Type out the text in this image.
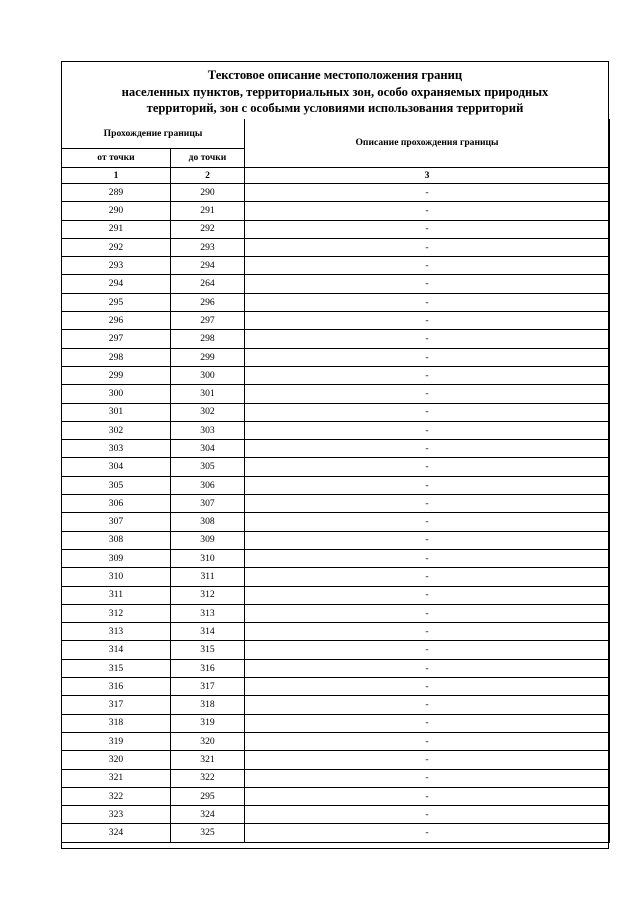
Текстовое описание местоположения границ
населенных пунктов, территориальных зон, особо охраняемых природных
территорий, зон с особыми условиями использования территорий
Прохождение границы		Описание прохождения границы
от точки	до точки	
1	2	3
289	290	-
290	291	-
291	292	-
292	293	-
293	294	-
294	264	-
295	296	-
296	297	-
297	298	-
298	299	-
299	300	-
300	301	-
301	302	-
302	303	-
303	304	-
304	305	-
305	306	-
306	307	-
307	308	-
308	309	-
309	310	-
310	311	-
311	312	-
312	313	-
313	314	-
314	315	-
315	316	-
316	317	-
317	318	-
318	319	-
319	320	-
320	321	-
321	322	-
322	295	-
323	324	-
324	325	-
